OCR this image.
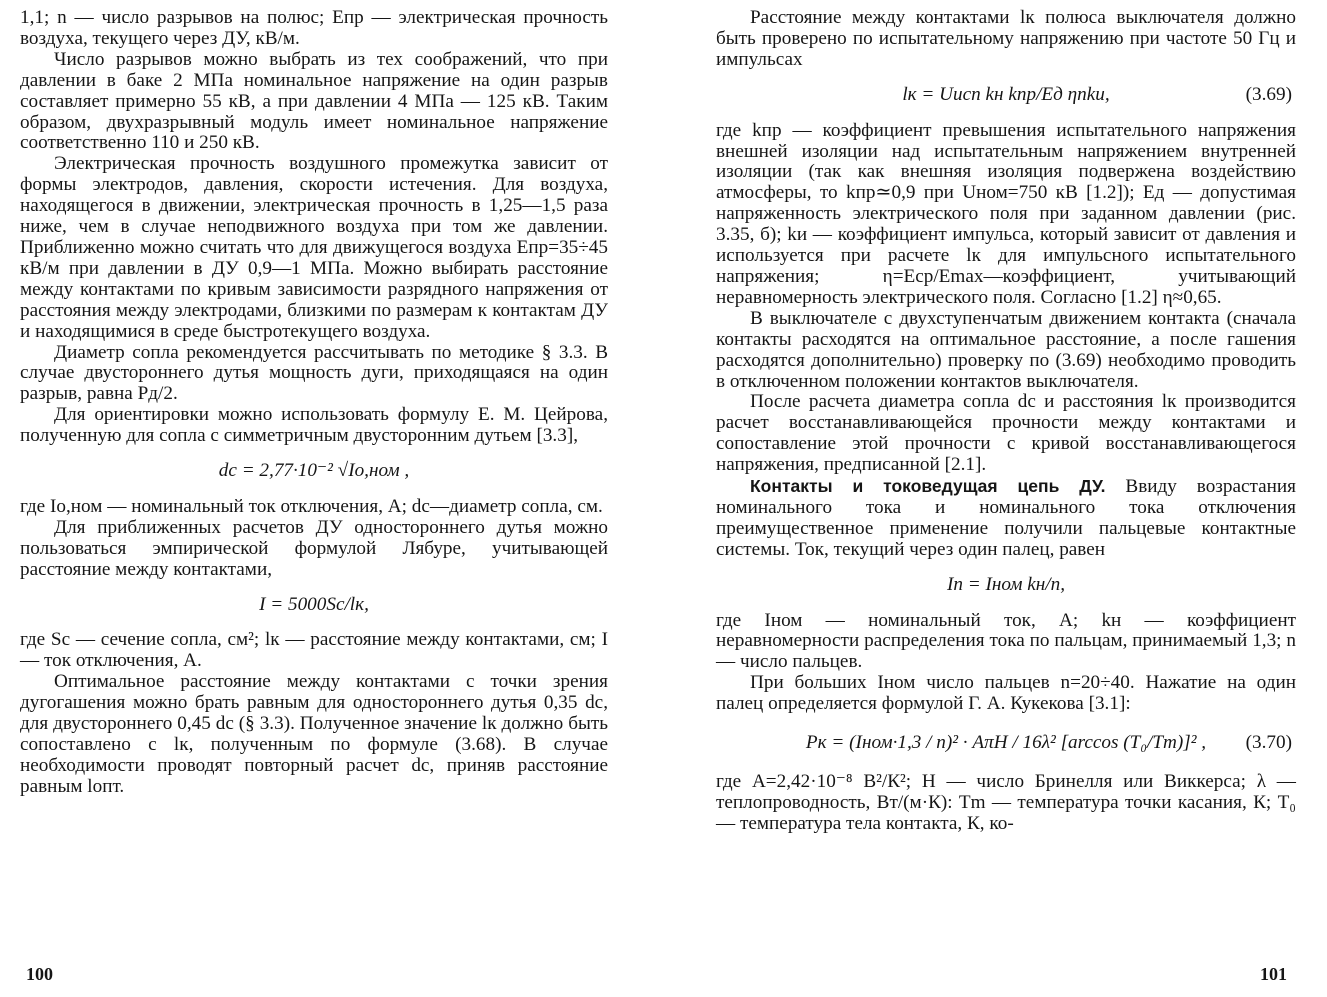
1,1; n — число разрывов на полюс; Eпр — электрическая прочность воздуха, текущего через ДУ, кВ/м.

Число разрывов можно выбрать из тех соображений, что при давлении в баке 2 МПа номинальное напряжение на один разрыв составляет примерно 55 кВ, а при давлении 4 МПа — 125 кВ. Таким образом, двухразрывный модуль имеет номинальное напряжение соответственно 110 и 250 кВ.

Электрическая прочность воздушного промежутка зависит от формы электродов, давления, скорости истечения. Для воздуха, находящегося в движении, электрическая прочность в 1,25—1,5 раза ниже, чем в случае неподвижного воздуха при том же давлении. Приближенно можно считать что для движущегося воздуха Eпр=35÷45 кВ/м при давлении в ДУ 0,9—1 МПа. Можно выбирать расстояние между контактами по кривым зависимости разрядного напряжения от расстояния между электродами, близкими по размерам к контактам ДУ и находящимися в среде быстротекущего воздуха.

Диаметр сопла рекомендуется рассчитывать по методике § 3.3. В случае двустороннего дутья мощность дуги, приходящаяся на один разрыв, равна Pд/2.

Для ориентировки можно использовать формулу Е. М. Цейрова, полученную для сопла с симметричным двусторонним дутьем [3.3],

dс = 2,77·10⁻² √Iо,ном ,

где Iо,ном — номинальный ток отключения, А; dс—диаметр сопла, см.

Для приближенных расчетов ДУ одностороннего дутья можно пользоваться эмпирической формулой Лябуре, учитывающей расстояние между контактами,

I = 5000Sс/lк,

где Sс — сечение сопла, см²; lк — расстояние между контактами, см; I — ток отключения, А.

Оптимальное расстояние между контактами с точки зрения дугогашения можно брать равным для одностороннего дутья 0,35 dс, для двустороннего 0,45 dс (§ 3.3). Полученное значение lк должно быть сопоставлено с lк, полученным по формуле (3.68). В случае необходимости проводят повторный расчет dс, приняв расстояние равным lопт.

100

Расстояние между контактами lк полюса выключателя должно быть проверено по испытательному напряжению при частоте 50 Гц и импульсах

lк = Uисп kн kпр/Eд ηnkи,	(3.69)

где kпр — коэффициент превышения испытательного напряжения внешней изоляции над испытательным напряжением внутренней изоляции (так как внешняя изоляция подвержена воздействию атмосферы, то kпр≃0,9 при Uном=750 кВ [1.2]); Eд — допустимая напряженность электрического поля при заданном давлении (рис. 3.35, б); kи — коэффициент импульса, который зависит от давления и используется при расчете lк для импульсного испытательного напряжения; η=Eср/Emax—коэффициент, учитывающий неравномерность электрического поля. Согласно [1.2] η≈0,65.

В выключателе с двухступенчатым движением контакта (сначала контакты расходятся на оптимальное расстояние, а после гашения расходятся дополнительно) проверку по (3.69) необходимо проводить в отключенном положении контактов выключателя.

После расчета диаметра сопла dс и расстояния lк производится расчет восстанавливающейся прочности между контактами и сопоставление этой прочности с кривой восстанавливающегося напряжения, предписанной [2.1].

Контакты и токоведущая цепь ДУ. Ввиду возрастания номинального тока и номинального тока отключения преимущественное применение получили пальцевые контактные системы. Ток, текущий через один палец, равен

Iп = Iном kн/n,

где Iном — номинальный ток, А; kн — коэффициент неравномерности распределения тока по пальцам, принимаемый 1,3; n — число пальцев.

При больших Iном число пальцев n=20÷40. Нажатие на один палец определяется формулой Г. А. Кукекова [3.1]:

Pк = (Iном·1,3 / n)² · AπH / 16λ² [arccos (T₀/Tm)]² , (3.70)

где A=2,42·10⁻⁸ В²/К²; H — число Бринелля или Виккерса; λ — теплопроводность, Вт/(м·К): Tm — температура точки касания, К; T₀ — температура тела контакта, К, ко-

101
